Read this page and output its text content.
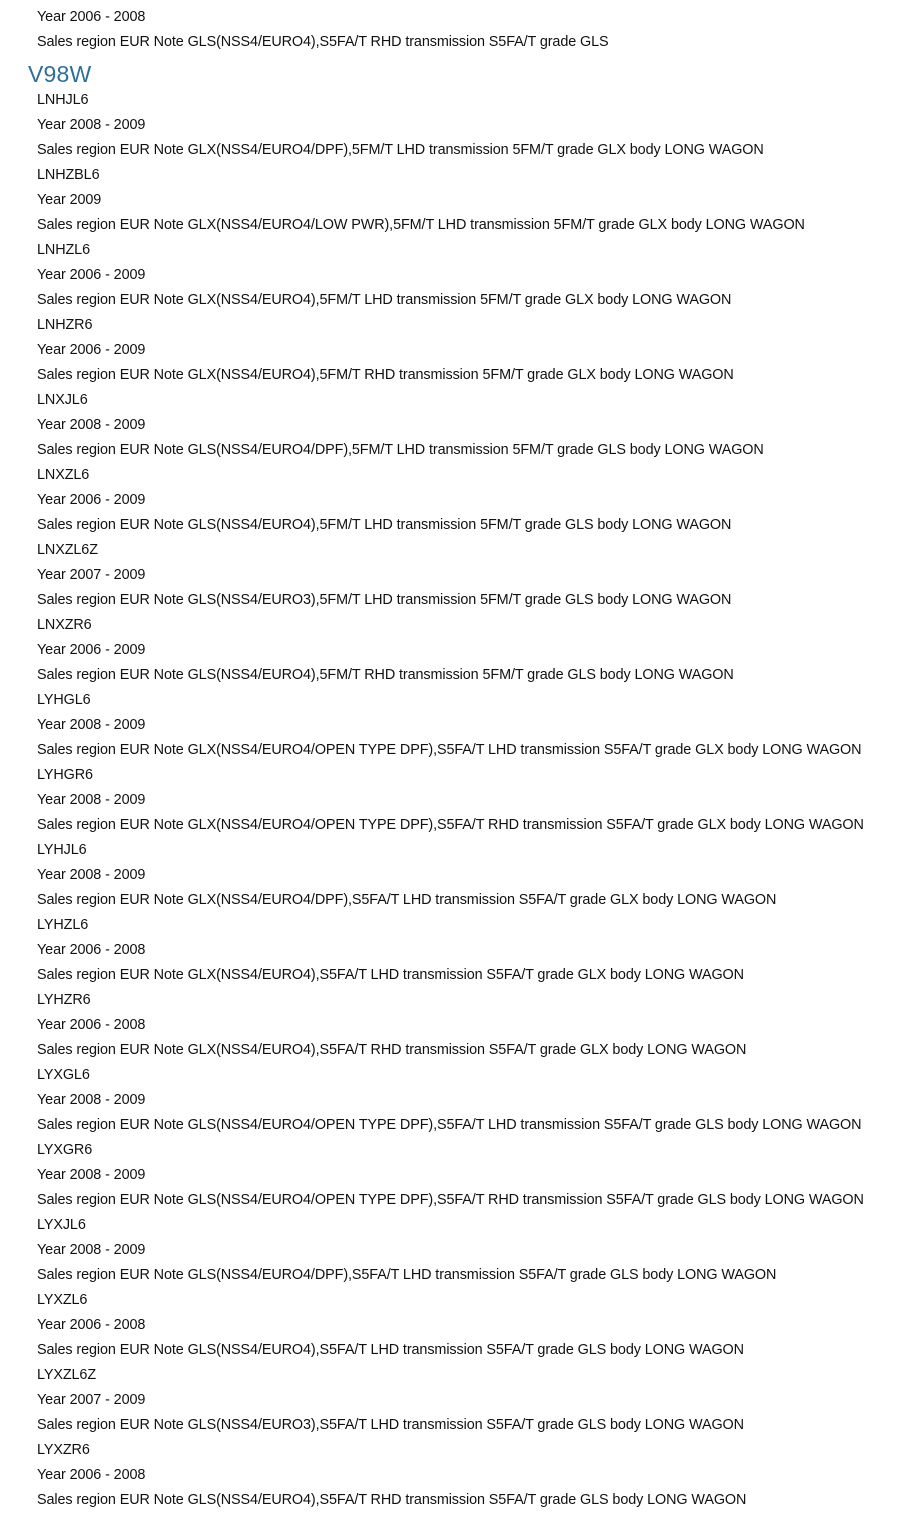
Year 2006 - 2008
Sales region EUR Note GLS(NSS4/EURO4),S5FA/T RHD transmission S5FA/T grade GLS
V98W
LNHJL6
Year 2008 - 2009
Sales region EUR Note GLX(NSS4/EURO4/DPF),5FM/T LHD transmission 5FM/T grade GLX body LONG WAGON
LNHZBL6
Year 2009
Sales region EUR Note GLX(NSS4/EURO4/LOW PWR),5FM/T LHD transmission 5FM/T grade GLX body LONG WAGON
LNHZL6
Year 2006 - 2009
Sales region EUR Note GLX(NSS4/EURO4),5FM/T LHD transmission 5FM/T grade GLX body LONG WAGON
LNHZR6
Year 2006 - 2009
Sales region EUR Note GLX(NSS4/EURO4),5FM/T RHD transmission 5FM/T grade GLX body LONG WAGON
LNXJL6
Year 2008 - 2009
Sales region EUR Note GLS(NSS4/EURO4/DPF),5FM/T LHD transmission 5FM/T grade GLS body LONG WAGON
LNXZL6
Year 2006 - 2009
Sales region EUR Note GLS(NSS4/EURO4),5FM/T LHD transmission 5FM/T grade GLS body LONG WAGON
LNXZL6Z
Year 2007 - 2009
Sales region EUR Note GLS(NSS4/EURO3),5FM/T LHD transmission 5FM/T grade GLS body LONG WAGON
LNXZR6
Year 2006 - 2009
Sales region EUR Note GLS(NSS4/EURO4),5FM/T RHD transmission 5FM/T grade GLS body LONG WAGON
LYHGL6
Year 2008 - 2009
Sales region EUR Note GLX(NSS4/EURO4/OPEN TYPE DPF),S5FA/T LHD transmission S5FA/T grade GLX body LONG WAGON
LYHGR6
Year 2008 - 2009
Sales region EUR Note GLX(NSS4/EURO4/OPEN TYPE DPF),S5FA/T RHD transmission S5FA/T grade GLX body LONG WAGON
LYHJL6
Year 2008 - 2009
Sales region EUR Note GLX(NSS4/EURO4/DPF),S5FA/T LHD transmission S5FA/T grade GLX body LONG WAGON
LYHZL6
Year 2006 - 2008
Sales region EUR Note GLX(NSS4/EURO4),S5FA/T LHD transmission S5FA/T grade GLX body LONG WAGON
LYHZR6
Year 2006 - 2008
Sales region EUR Note GLX(NSS4/EURO4),S5FA/T RHD transmission S5FA/T grade GLX body LONG WAGON
LYXGL6
Year 2008 - 2009
Sales region EUR Note GLS(NSS4/EURO4/OPEN TYPE DPF),S5FA/T LHD transmission S5FA/T grade GLS body LONG WAGON
LYXGR6
Year 2008 - 2009
Sales region EUR Note GLS(NSS4/EURO4/OPEN TYPE DPF),S5FA/T RHD transmission S5FA/T grade GLS body LONG WAGON
LYXJL6
Year 2008 - 2009
Sales region EUR Note GLS(NSS4/EURO4/DPF),S5FA/T LHD transmission S5FA/T grade GLS body LONG WAGON
LYXZL6
Year 2006 - 2008
Sales region EUR Note GLS(NSS4/EURO4),S5FA/T LHD transmission S5FA/T grade GLS body LONG WAGON
LYXZL6Z
Year 2007 - 2009
Sales region EUR Note GLS(NSS4/EURO3),S5FA/T LHD transmission S5FA/T grade GLS body LONG WAGON
LYXZR6
Year 2006 - 2008
Sales region EUR Note GLS(NSS4/EURO4),S5FA/T RHD transmission S5FA/T grade GLS body LONG WAGON
